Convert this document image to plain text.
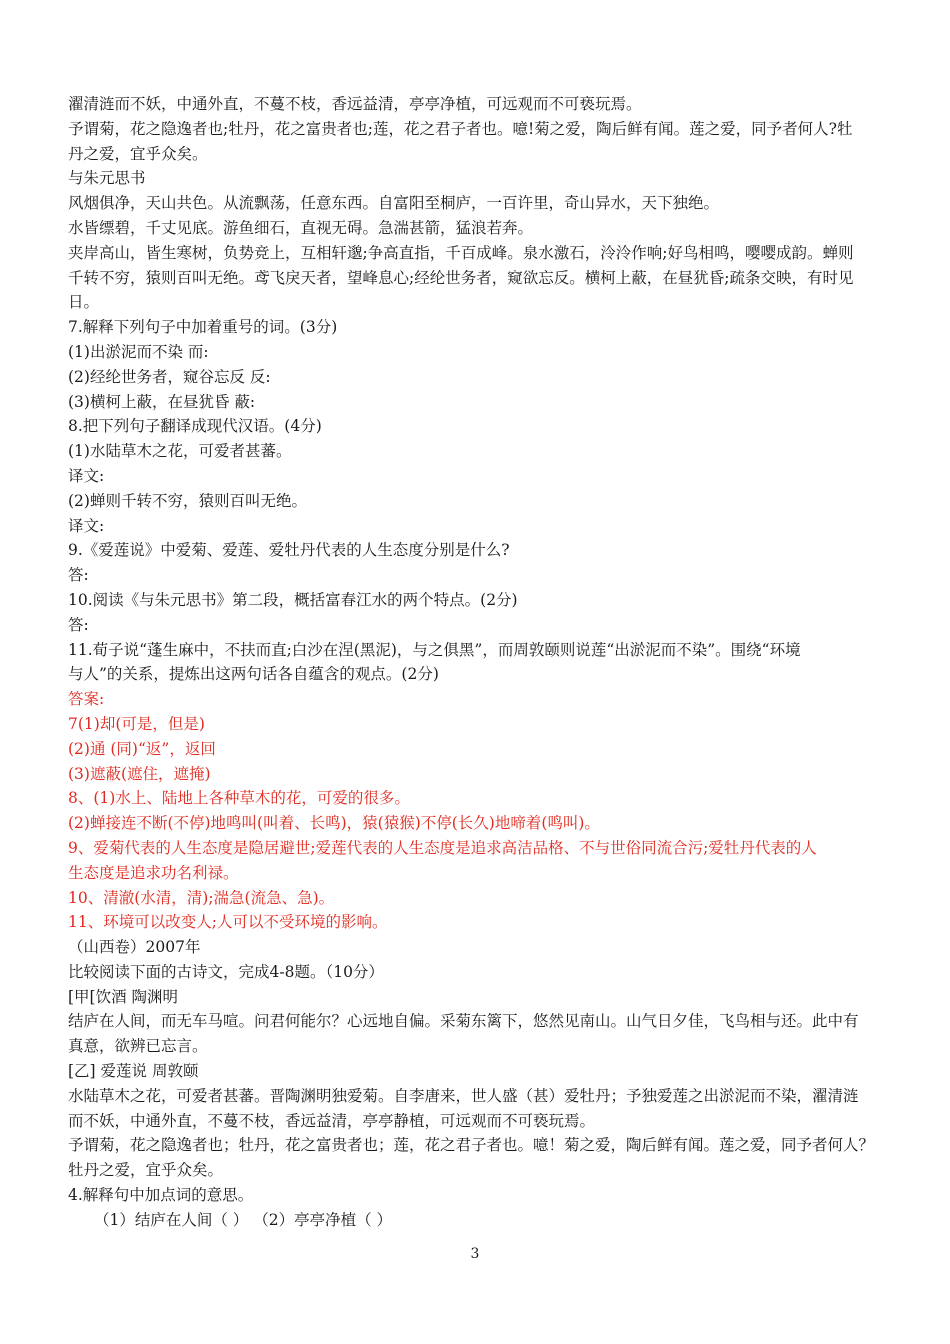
濯清涟而不妖，中通外直，不蔓不枝，香远益清，亭亭净植，可远观而不可亵玩焉。
予谓菊，花之隐逸者也;牡丹，花之富贵者也;莲，花之君子者也。噫!菊之爱，陶后鲜有闻。莲之爱，同予者何人?牡
丹之爱，宜乎众矣。
与朱元思书
风烟俱净，天山共色。从流飘荡，任意东西。自富阳至桐庐，一百许里，奇山异水，天下独绝。
水皆缥碧，千丈见底。游鱼细石，直视无碍。急湍甚箭，猛浪若奔。
夹岸高山，皆生寒树，负势竞上，互相轩邈;争高直指，千百成峰。泉水激石，泠泠作响;好鸟相鸣，嘤嘤成韵。蝉则
千转不穷，猿则百叫无绝。鸢飞戾天者，望峰息心;经纶世务者，窥欲忘反。横柯上蔽，在昼犹昏;疏条交映，有时见
日。
7.解释下列句子中加着重号的词。(3分)
(1)出淤泥而不染 而:
(2)经纶世务者，窥谷忘反 反:
(3)横柯上蔽，在昼犹昏 蔽:
8.把下列句子翻译成现代汉语。(4分)
(1)水陆草木之花，可爱者甚蕃。
译文:
(2)蝉则千转不穷，猿则百叫无绝。
译文:
9.《爱莲说》中爱菊、爱莲、爱牡丹代表的人生态度分别是什么?
答:
10.阅读《与朱元思书》第二段，概括富春江水的两个特点。(2分)
答:
11.荀子说“蓬生麻中，不扶而直;白沙在涅(黑泥)，与之俱黑”，而周敦颐则说莲“出淤泥而不染”。围绕“环境
与人”的关系，提炼出这两句话各自蕴含的观点。(2分)
答案:
7(1)却(可是，但是)
(2)通 (同)“返”，返回
(3)遮蔽(遮住，遮掩)
8、(1)水上、陆地上各种草木的花，可爱的很多。
(2)蝉接连不断(不停)地鸣叫(叫着、长鸣)，猿(猿猴)不停(长久)地啼着(鸣叫)。
9、爱菊代表的人生态度是隐居避世;爱莲代表的人生态度是追求高洁品格、不与世俗同流合污;爱牡丹代表的人
生态度是追求功名利禄。
10、清澈(水清，清);湍急(流急、急)。
11、环境可以改变人;人可以不受环境的影响。
（山西卷）2007年
比较阅读下面的古诗文，完成4-8题。（10分）
[甲[饮酒 陶渊明
结庐在人间，而无车马喧。问君何能尔？心远地自偏。采菊东篱下，悠然见南山。山气日夕佳，飞鸟相与还。此中有
真意，欲辨已忘言。
[乙] 爱莲说 周敦颐
水陆草木之花，可爱者甚蕃。晋陶渊明独爱菊。自李唐来，世人盛（甚）爱牡丹；予独爱莲之出淤泥而不染，濯清涟
而不妖，中通外直，不蔓不枝，香远益清，亭亭静植，可远观而不可亵玩焉。
予谓菊，花之隐逸者也；牡丹，花之富贵者也；莲，花之君子者也。噫！菊之爱，陶后鲜有闻。莲之爱，同予者何人？
牡丹之爱，宜乎众矣。
4.解释句中加点词的意思。
（1）结庐在人间（ ） （2）亭亭净植（ ）
3
